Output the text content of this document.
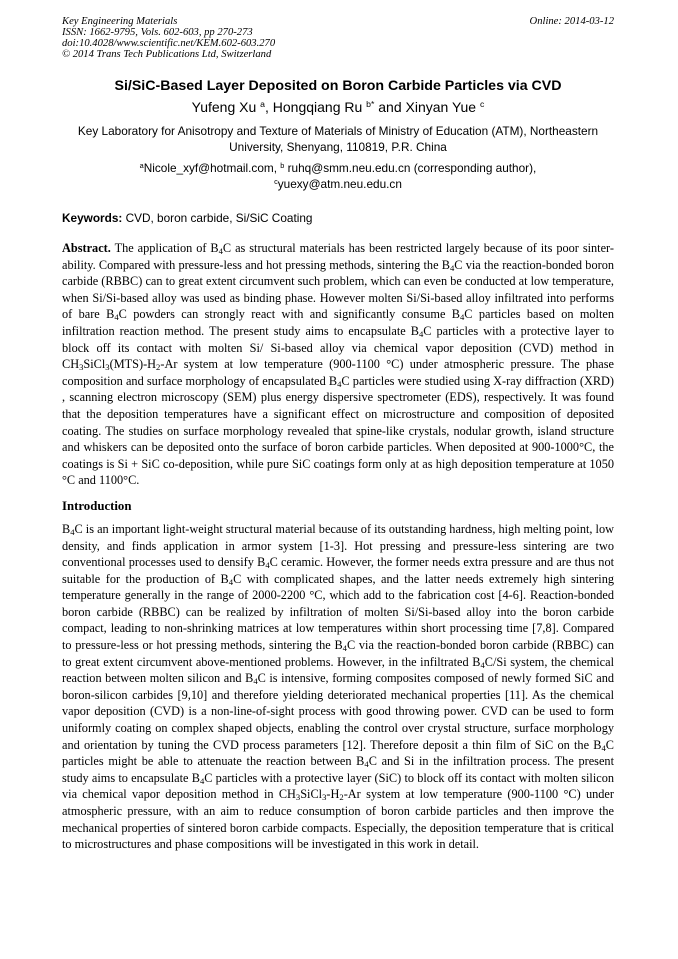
Key Engineering Materials
ISSN: 1662-9795, Vols. 602-603, pp 270-273
doi:10.4028/www.scientific.net/KEM.602-603.270
© 2014 Trans Tech Publications Ltd, Switzerland
Online: 2014-03-12
Si/SiC-Based Layer Deposited on Boron Carbide Particles via CVD
Yufeng Xu $^a$, Hongqiang Ru $^{b*}$ and Xinyan Yue $^c$
Key Laboratory for Anisotropy and Texture of Materials of Ministry of Education (ATM), Northeastern University, Shenyang, 110819, P.R. China
$^a$Nicole_xyf@hotmail.com, $^b$ ruhq@smm.neu.edu.cn (corresponding author),
$^c$yuexy@atm.neu.edu.cn
Keywords: CVD, boron carbide, Si/SiC Coating
Abstract. The application of $B_4C$ as structural materials has been restricted largely because of its poor sinter-ability. Compared with pressure-less and hot pressing methods, sintering the $B_4C$ via the reaction-bonded boron carbide (RBBC) can to great extent circumvent such problem, which can even be conducted at low temperature, when Si/Si-based alloy was used as binding phase. However molten Si/Si-based alloy infiltrated into performs of bare $B_4C$ powders can strongly react with and significantly consume $B_4C$ particles based on molten infiltration reaction method. The present study aims to encapsulate $B_4C$ particles with a protective layer to block off its contact with molten Si/ Si-based alloy via chemical vapor deposition (CVD) method in $CH_3SiCl_3(MTS)-H_2-Ar$ system at low temperature (900-1100 °C) under atmospheric pressure. The phase composition and surface morphology of encapsulated $B_4C$ particles were studied using X-ray diffraction (XRD) , scanning electron microscopy (SEM) plus energy dispersive spectrometer (EDS), respectively. It was found that the deposition temperatures have a significant effect on microstructure and composition of deposited coating. The studies on surface morphology revealed that spine-like crystals, nodular growth, island structure and whiskers can be deposited onto the surface of boron carbide particles. When deposited at 900-1000°C, the coatings is Si + SiC co-deposition, while pure SiC coatings form only at as high deposition temperature at 1050 °C and 1100°C.
Introduction
$B_4C$ is an important light-weight structural material because of its outstanding hardness, high melting point, low density, and finds application in armor system [1-3]. Hot pressing and pressure-less sintering are two conventional processes used to densify $B_4C$ ceramic. However, the former needs extra pressure and are thus not suitable for the production of $B_4C$ with complicated shapes, and the latter needs extremely high sintering temperature generally in the range of 2000-2200 °C, which add to the fabrication cost [4-6]. Reaction-bonded boron carbide (RBBC) can be realized by infiltration of molten Si/Si-based alloy into the boron carbide compact, leading to non-shrinking matrices at low temperatures within short processing time [7,8]. Compared to pressure-less or hot pressing methods, sintering the $B_4C$ via the reaction-bonded boron carbide (RBBC) can to great extent circumvent above-mentioned problems. However, in the infiltrated $B_4C/Si$ system, the chemical reaction between molten silicon and $B_4C$ is intensive, forming composites composed of newly formed SiC and boron-silicon carbides [9,10] and therefore yielding deteriorated mechanical properties [11]. As the chemical vapor deposition (CVD) is a non-line-of-sight process with good throwing power. CVD can be used to form uniformly coating on complex shaped objects, enabling the control over crystal structure, surface morphology and orientation by tuning the CVD process parameters [12]. Therefore deposit a thin film of SiC on the $B_4C$ particles might be able to attenuate the reaction between $B_4C$ and Si in the infiltration process. The present study aims to encapsulate $B_4C$ particles with a protective layer (SiC) to block off its contact with molten silicon via chemical vapor deposition method in $CH_3SiCl_3-H_2-Ar$ system at low temperature (900-1100 °C) under atmospheric pressure, with an aim to reduce consumption of boron carbide particles and then improve the mechanical properties of sintered boron carbide compacts. Especially, the deposition temperature that is critical to microstructures and phase compositions will be investigated in this work in detail.
